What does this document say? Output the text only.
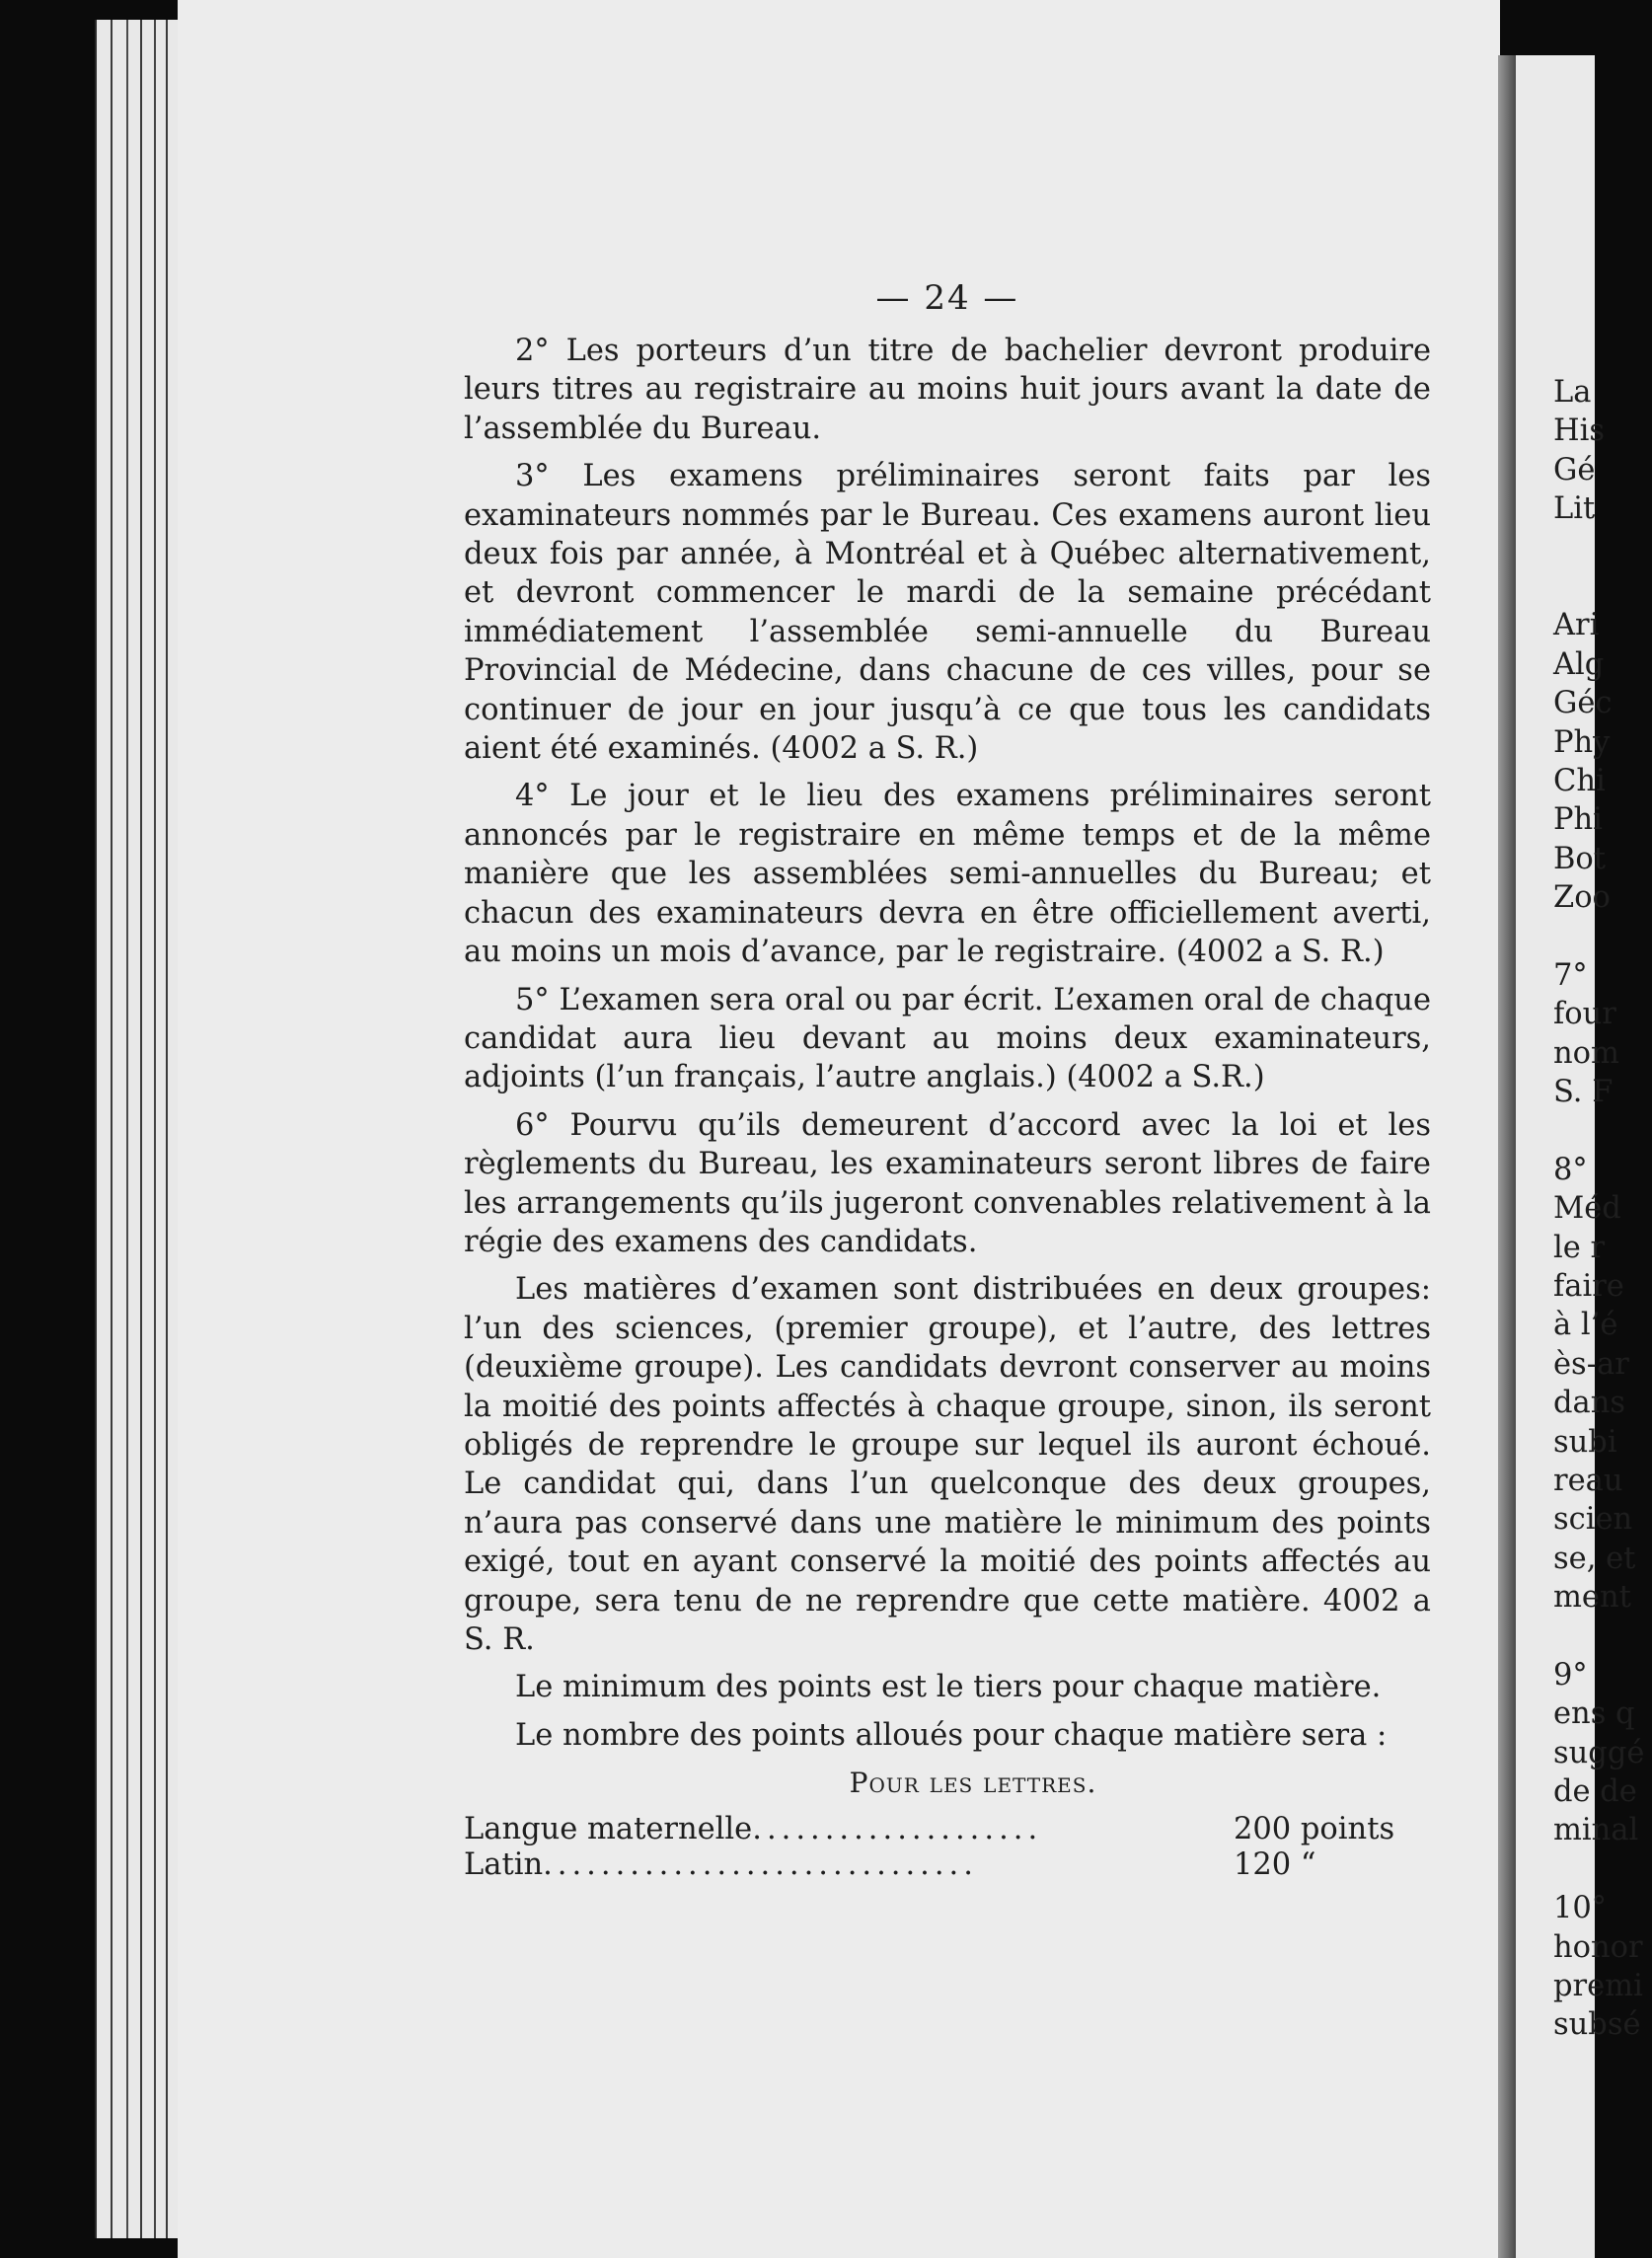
La
His
Gé
Lit
Ari
Alg
Géc
Phy
Chi
Phi
Bot
Zoo
7°
four
nom
S. F
8°
Méd
le r
faire
à l’é
ès-ar
dans
subi
reau
scien
se, et
ment
9°
ens q
suggé
de de
minal
10°
honor
premi
subsé
— 24 —

2° Les porteurs d’un titre de bachelier devront produire leurs titres au registraire au moins huit jours avant la date de l’assemblée du Bureau.

3° Les examens préliminaires seront faits par les examinateurs nommés par le Bureau. Ces examens auront lieu deux fois par année, à Montréal et à Québec alternativement, et devront commencer le mardi de la semaine précédant immédiatement l’assemblée semi-annuelle du Bureau Provincial de Médecine, dans chacune de ces villes, pour se continuer de jour en jour jusqu’à ce que tous les candidats aient été examinés. (4002 a S. R.)

4° Le jour et le lieu des examens préliminaires seront annoncés par le registraire en même temps et de la même manière que les assemblées semi-annuelles du Bureau; et chacun des examinateurs devra en être officiellement averti, au moins un mois d’avance, par le registraire. (4002 a S. R.)

5° L’examen sera oral ou par écrit. L’examen oral de chaque candidat aura lieu devant au moins deux examinateurs, adjoints (l’un français, l’autre anglais.) (4002 a S.R.)

6° Pourvu qu’ils demeurent d’accord avec la loi et les règlements du Bureau, les examinateurs seront libres de faire les arrangements qu’ils jugeront convenables relativement à la régie des examens des candidats.

Les matières d’examen sont distribuées en deux groupes: l’un des sciences, (premier groupe), et l’autre, des lettres (deuxième groupe). Les candidats devront conserver au moins la moitié des points affectés à chaque groupe, sinon, ils seront obligés de reprendre le groupe sur lequel ils auront échoué. Le candidat qui, dans l’un quelconque des deux groupes, n’aura pas conservé dans une matière le minimum des points exigé, tout en ayant conservé la moitié des points affectés au groupe, sera tenu de ne reprendre que cette matière. 4002 a S. R.

Le minimum des points est le tiers pour chaque matière.

Le nombre des points alloués pour chaque matière sera :

Pour les lettres.

Langue maternelle....................		200 points
Latin..............................		120 “
